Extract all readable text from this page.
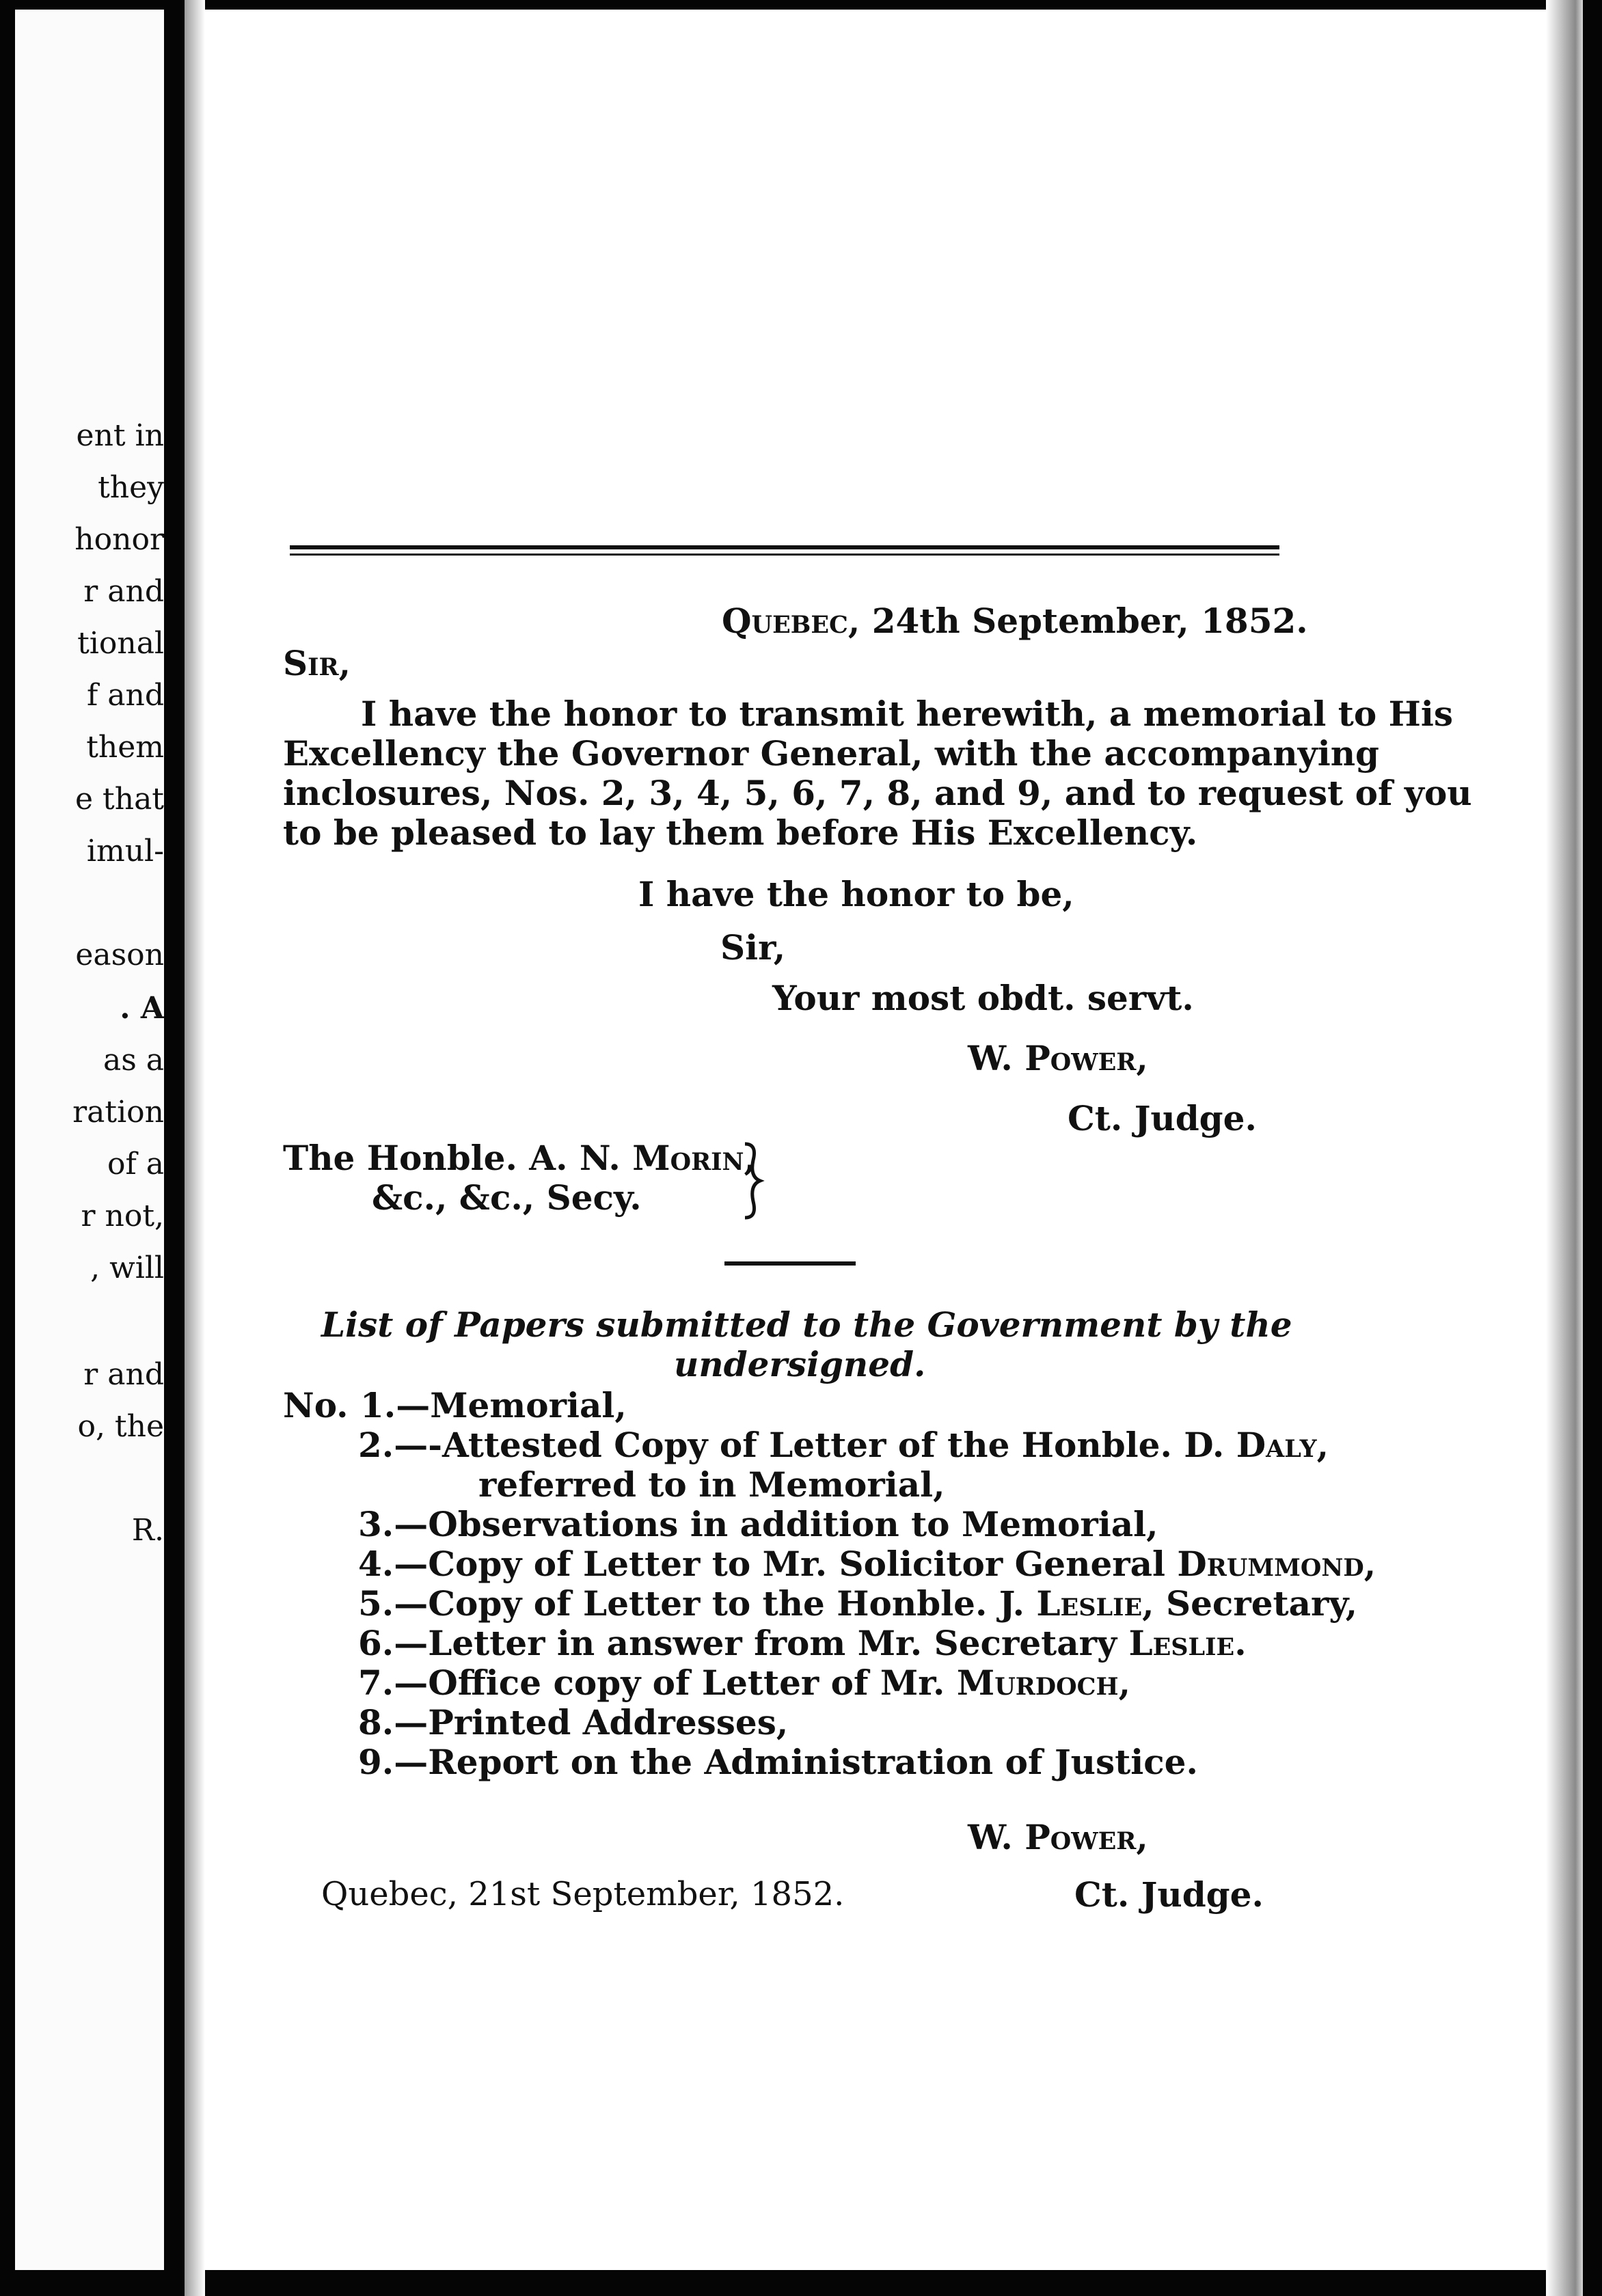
ent in
they
honor
r and
tional
f and
them
e that
imul-
eason
. A
as a
ration
of a
r not,
, will
r and
o, the
R.
Quebec, 24th September, 1852.
Sir,
I have the honor to transmit herewith, a memorial to His
Excellency the Governor General, with the accompanying
inclosures, Nos. 2, 3, 4, 5, 6, 7, 8, and 9, and to request of you
to be pleased to lay them before His Excellency.
I have the honor to be,
Sir,
Your most obdt. servt.
W. Power,
Ct. Judge.
The Honble. A. N. Morin,
&c., &c., Secy.
List of Papers submitted to the Government by the
undersigned.
No. 1.—Memorial,
2.—-Attested Copy of Letter of the Honble. D. Daly,
referred to in Memorial,
3.—Observations in addition to Memorial,
4.—Copy of Letter to Mr. Solicitor General Drummond,
5.—Copy of Letter to the Honble. J. Leslie, Secretary,
6.—Letter in answer from Mr. Secretary Leslie.
7.—Office copy of Letter of Mr. Murdoch,
8.—Printed Addresses,
9.—Report on the Administration of Justice.
W. Power,
Quebec, 21st September, 1852.	Ct. Judge.
